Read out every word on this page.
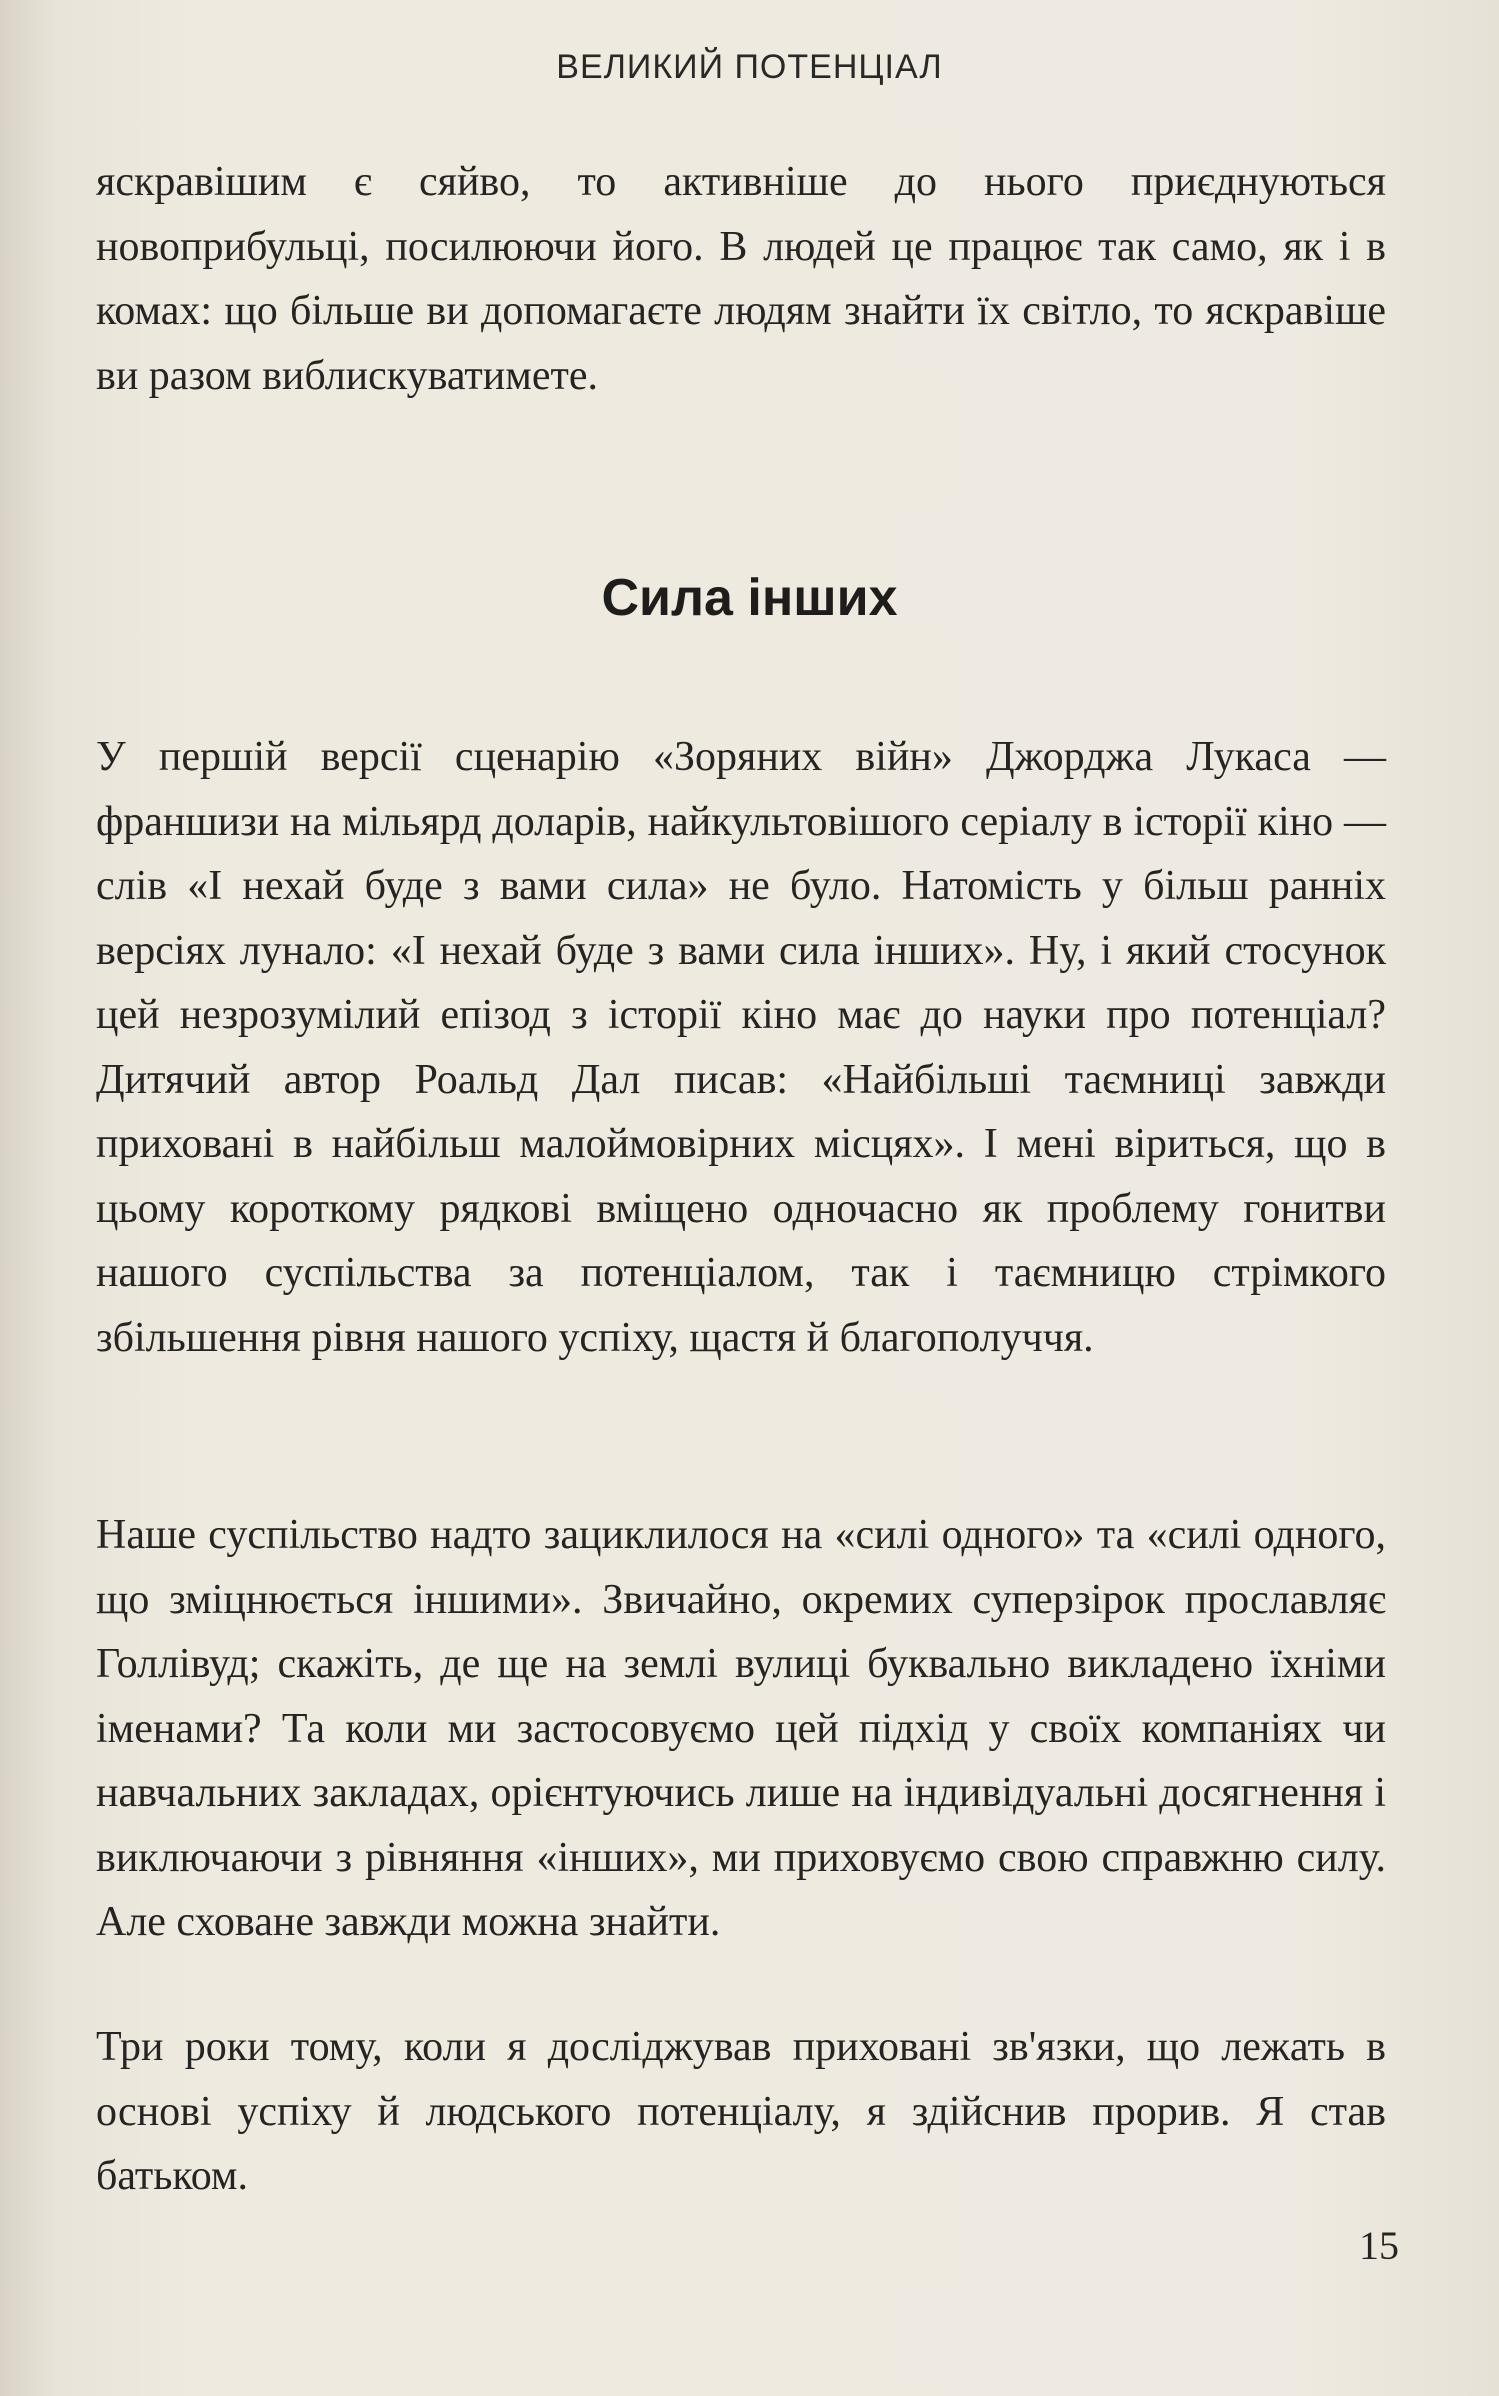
ВЕЛИКИЙ ПОТЕНЦІАЛ

яскравішим є сяйво, то активніше до нього приєднуються новоприбульці, посилюючи його. В людей це працює так само, як і в комах: що більше ви допомагаєте людям знайти їх світло, то яскравіше ви разом виблискуватимете.

Сила інших

У першій версії сценарію «Зоряних війн» Джорджа Лукаса — франшизи на мільярд доларів, найкультовішого серіалу в історії кіно — слів «І нехай буде з вами сила» не було. Натомість у більш ранніх версіях лунало: «І нехай буде з вами сила інших». Ну, і який стосунок цей незрозумілий епізод з історії кіно має до науки про потенціал? Дитячий автор Роальд Дал писав: «Найбільші таємниці завжди приховані в найбільш малоймовірних місцях». І мені віриться, що в цьому короткому рядкові вміщено одночасно як проблему гонитви нашого суспільства за потенціалом, так і таємницю стрімкого збільшення рівня нашого успіху, щастя й благополуччя.

Наше суспільство надто зациклилося на «силі одного» та «силі одного, що зміцнюється іншими». Звичайно, окремих суперзірок прославляє Голлівуд; скажіть, де ще на землі вулиці буквально викладено їхніми іменами? Та коли ми застосовуємо цей підхід у своїх компаніях чи навчальних закладах, орієнтуючись лише на індивідуальні досягнення і виключаючи з рівняння «інших», ми приховуємо свою справжню силу. Але сховане завжди можна знайти.

Три роки тому, коли я досліджував приховані зв'язки, що лежать в основі успіху й людського потенціалу, я здійснив прорив. Я став батьком.

15
